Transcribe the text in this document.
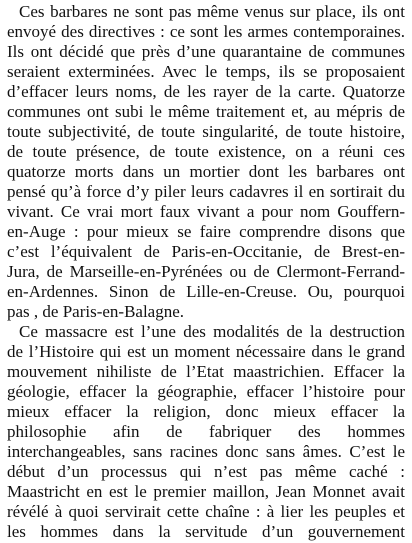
Ces barbares ne sont pas même venus sur place, ils ont
envoyé des directives : ce sont les armes contemporaines.
Ils ont décidé que près d’une quarantaine de communes
seraient exterminées. Avec le temps, ils se proposaient
d’effacer leurs noms, de les rayer de la carte. Quatorze
communes ont subi le même traitement et, au mépris de
toute subjectivité, de toute singularité, de toute histoire,
de toute présence, de toute existence, on a réuni ces
quatorze morts dans un mortier dont les barbares ont
pensé qu’à force d’y piler leurs cadavres il en sortirait du
vivant. Ce vrai mort faux vivant a pour nom Gouffern-
en-Auge : pour mieux se faire comprendre disons que
c’est l’équivalent de Paris-en-Occitanie, de Brest-en-
Jura, de Marseille-en-Pyrénées ou de Clermont-Ferrand-
en-Ardennes. Sinon de Lille-en-Creuse. Ou, pourquoi
pas , de Paris-en-Balagne.
Ce massacre est l’une des modalités de la destruction
de l’Histoire qui est un moment nécessaire dans le grand
mouvement nihiliste de l’Etat maastrichien. Effacer la
géologie, effacer la géographie, effacer l’histoire pour
mieux effacer la religion, donc mieux effacer la
philosophie afin de fabriquer des hommes
interchangeables, sans racines donc sans âmes. C’est le
début d’un processus qui n’est pas même caché :
Maastricht en est le premier maillon, Jean Monnet avait
révélé à quoi servirait cette chaîne : à lier les peuples et
les hommes dans la servitude d’un gouvernement
